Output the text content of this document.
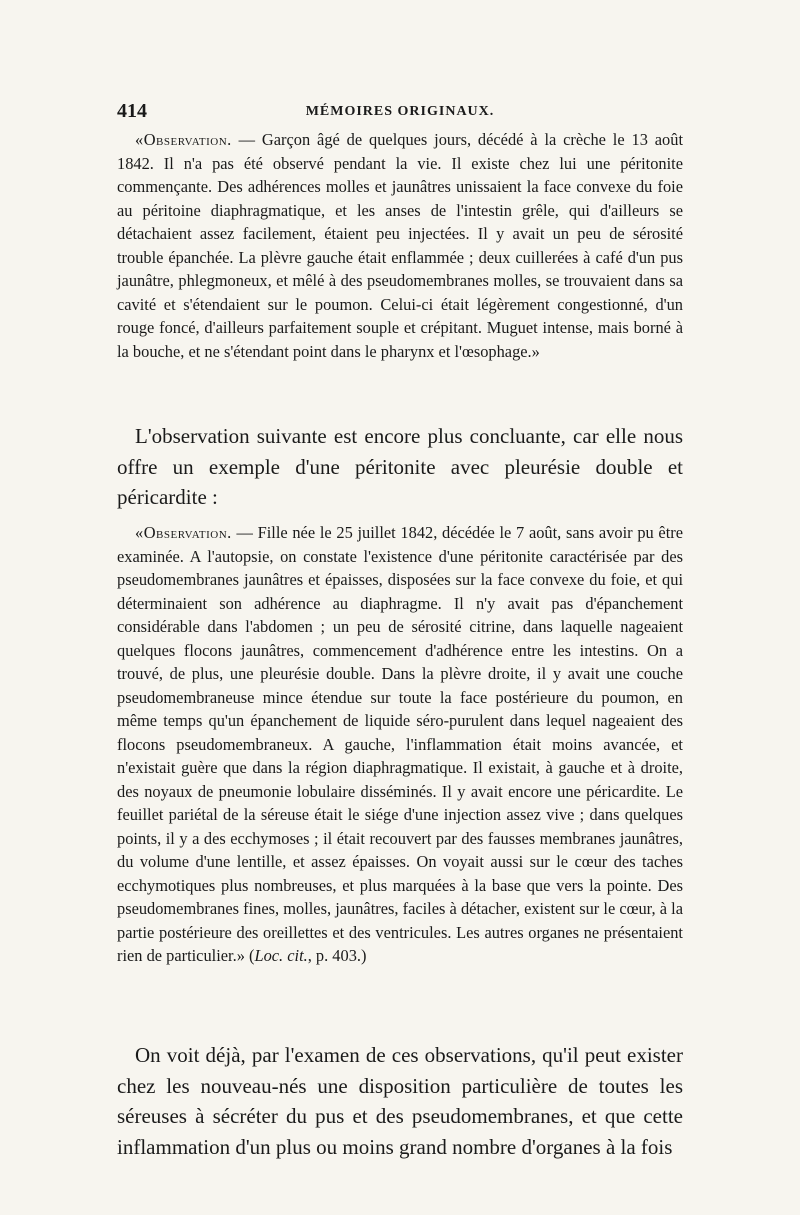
414	MÉMOIRES ORIGINAUX.

«Observation. — Garçon âgé de quelques jours, décédé à la crèche le 13 août 1842. Il n'a pas été observé pendant la vie. Il existe chez lui une péritonite commençante. Des adhérences molles et jaunâtres unissaient la face convexe du foie au péritoine diaphragmatique, et les anses de l'intestin grêle, qui d'ailleurs se détachaient assez facilement, étaient peu injectées. Il y avait un peu de sérosité trouble épanchée. La plèvre gauche était enflammée ; deux cuillerées à café d'un pus jaunâtre, phlegmoneux, et mêlé à des pseudomembranes molles, se trouvaient dans sa cavité et s'étendaient sur le poumon. Celui-ci était légèrement congestionné, d'un rouge foncé, d'ailleurs parfaitement souple et crépitant. Muguet intense, mais borné à la bouche, et ne s'étendant point dans le pharynx et l'œsophage.»

L'observation suivante est encore plus concluante, car elle nous offre un exemple d'une péritonite avec pleurésie double et péricardite :

«Observation. — Fille née le 25 juillet 1842, décédée le 7 août, sans avoir pu être examinée. A l'autopsie, on constate l'existence d'une péritonite caractérisée par des pseudomembranes jaunâtres et épaisses, disposées sur la face convexe du foie, et qui déterminaient son adhérence au diaphragme. Il n'y avait pas d'épanchement considérable dans l'abdomen ; un peu de sérosité citrine, dans laquelle nageaient quelques flocons jaunâtres, commencement d'adhérence entre les intestins. On a trouvé, de plus, une pleurésie double. Dans la plèvre droite, il y avait une couche pseudomembraneuse mince étendue sur toute la face postérieure du poumon, en même temps qu'un épanchement de liquide séro-purulent dans lequel nageaient des flocons pseudomembraneux. A gauche, l'inflammation était moins avancée, et n'existait guère que dans la région diaphragmatique. Il existait, à gauche et à droite, des noyaux de pneumonie lobulaire disséminés. Il y avait encore une péricardite. Le feuillet pariétal de la séreuse était le siége d'une injection assez vive ; dans quelques points, il y a des ecchymoses ; il était recouvert par des fausses membranes jaunâtres, du volume d'une lentille, et assez épaisses. On voyait aussi sur le cœur des taches ecchymotiques plus nombreuses, et plus marquées à la base que vers la pointe. Des pseudomembranes fines, molles, jaunâtres, faciles à détacher, existent sur le cœur, à la partie postérieure des oreillettes et des ventricules. Les autres organes ne présentaient rien de particulier.» (Loc. cit., p. 403.)

On voit déjà, par l'examen de ces observations, qu'il peut exister chez les nouveau-nés une disposition particulière de toutes les séreuses à sécréter du pus et des pseudomembranes, et que cette inflammation d'un plus ou moins grand nombre d'organes à la fois
